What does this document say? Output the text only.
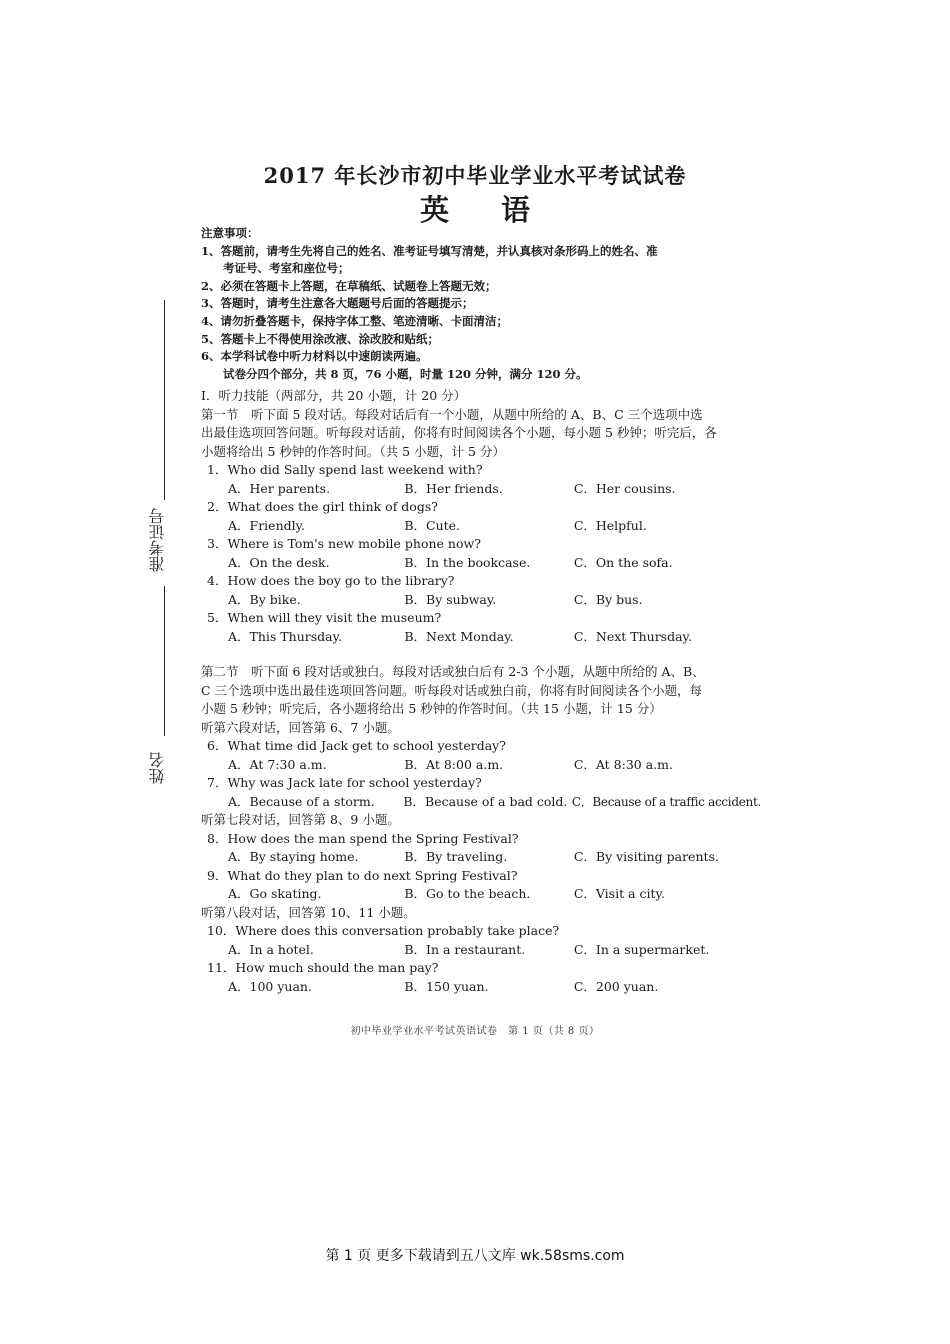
2017 年长沙市初中毕业学业水平考试试卷
英语
注意事项：
1、答题前，请考生先将自己的姓名、准考证号填写清楚，并认真核对条形码上的姓名、准
考证号、考室和座位号；
2、必须在答题卡上答题，在草稿纸、试题卷上答题无效；
3、答题时，请考生注意各大题题号后面的答题提示；
4、请勿折叠答题卡，保持字体工整、笔迹清晰、卡面清洁；
5、答题卡上不得使用涂改液、涂改胶和贴纸；
6、本学科试卷中听力材料以中速朗读两遍。
试卷分四个部分，共 8 页，76 小题，时量 120 分钟，满分 120 分。
准考证号
姓名
I．听力技能（两部分，共 20 小题，计 20 分）
第一节　听下面 5 段对话。每段对话后有一个小题，从题中所给的 A、B、C 三个选项中选
出最佳选项回答问题。听每段对话前，你将有时间阅读各个小题，每小题 5 秒钟；听完后，各
小题将给出 5 秒钟的作答时间。（共 5 小题，计 5 分）
1．Who did Sally spend last weekend with?
A．Her parents.	B．Her friends.	C．Her cousins.
2．What does the girl think of dogs?
A．Friendly.	B．Cute.	C．Helpful.
3．Where is Tom's new mobile phone now?
A．On the desk.	B．In the bookcase.	C．On the sofa.
4．How does the boy go to the library?
A．By bike.	B．By subway.	C．By bus.
5．When will they visit the museum?
A．This Thursday.	B．Next Monday.	C．Next Thursday.
第二节　听下面 6 段对话或独白。每段对话或独白后有 2-3 个小题，从题中所给的 A、B、
C 三个选项中选出最佳选项回答问题。听每段对话或独白前，你将有时间阅读各个小题，每
小题 5 秒钟；听完后，各小题将给出 5 秒钟的作答时间。（共 15 小题，计 15 分）
听第六段对话，回答第 6、7 小题。
6．What time did Jack get to school yesterday?
A．At 7:30 a.m.	B．At 8:00 a.m.	C．At 8:30 a.m.
7．Why was Jack late for school yesterday?
A．Because of a storm.	B．Because of a bad cold. C．Because of a traffic accident.
听第七段对话，回答第 8、9 小题。
8．How does the man spend the Spring Festival?
A．By staying home.	B．By traveling.	C．By visiting parents.
9．What do they plan to do next Spring Festival?
A．Go skating.	B．Go to the beach.	C．Visit a city.
听第八段对话，回答第 10、11 小题。
10．Where does this conversation probably take place?
A．In a hotel.	B．In a restaurant.	C．In a supermarket.
11．How much should the man pay?
A．100 yuan.	B．150 yuan.	C．200 yuan.
初中毕业学业水平考试英语试卷　第 1 页（共 8 页）
第 1 页 更多下载请到五八文库 wk.58sms.com
